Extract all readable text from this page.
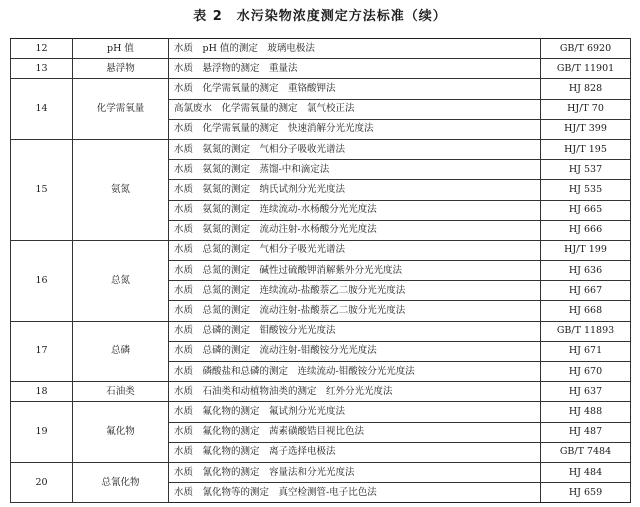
表 2　水污染物浓度测定方法标准（续）
12	pH 值	水质　pH 值的测定　玻璃电极法	GB/T 6920
13	悬浮物	水质　悬浮物的测定　重量法	GB/T 11901
14	化学需氧量	水质　化学需氧量的测定　重铬酸钾法	HJ 828
		高氯废水　化学需氧量的测定　氯气校正法	HJ/T 70
		水质　化学需氧量的测定　快速消解分光光度法	HJ/T 399
15	氨氮	水质　氨氮的测定　气相分子吸收光谱法	HJ/T 195
		水质　氨氮的测定　蒸馏-中和滴定法	HJ 537
		水质　氨氮的测定　纳氏试剂分光光度法	HJ 535
		水质　氨氮的测定　连续流动-水杨酸分光光度法	HJ 665
		水质　氨氮的测定　流动注射-水杨酸分光光度法	HJ 666
16	总氮	水质　总氮的测定　气相分子吸光光谱法	HJ/T 199
		水质　总氮的测定　碱性过硫酸钾消解紫外分光光度法	HJ 636
		水质　总氮的测定　连续流动-盐酸萘乙二胺分光光度法	HJ 667
		水质　总氮的测定　流动注射-盐酸萘乙二胺分光光度法	HJ 668
17	总磷	水质　总磷的测定　钼酸铵分光光度法	GB/T 11893
		水质　总磷的测定　流动注射-钼酸铵分光光度法	HJ 671
		水质　磷酸盐和总磷的测定　连续流动-钼酸铵分光光度法	HJ 670
18	石油类	水质　石油类和动植物油类的测定　红外分光光度法	HJ 637
19	氟化物	水质　氟化物的测定　氟试剂分光光度法	HJ 488
		水质　氟化物的测定　茜素磺酸锆目视比色法	HJ 487
		水质　氟化物的测定　离子选择电极法	GB/T 7484
20	总氰化物	水质　氰化物的测定　容量法和分光光度法	HJ 484
		水质　氰化物等的测定　真空检测管-电子比色法	HJ 659
